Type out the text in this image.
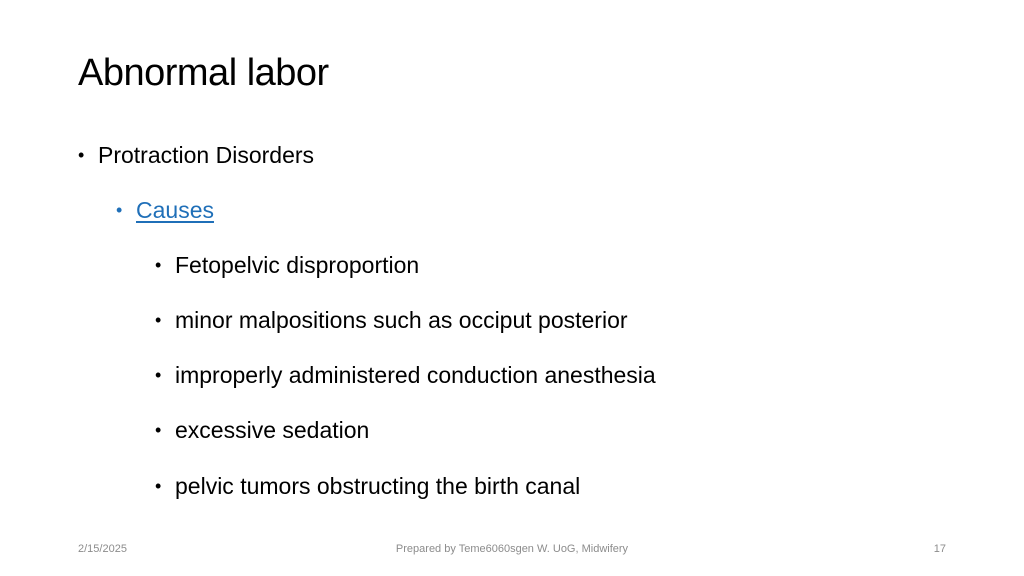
Abnormal labor
• Protraction Disorders
• Causes
• Fetopelvic disproportion
• minor malpositions such as occiput posterior
• improperly administered conduction anesthesia
• excessive sedation
• pelvic tumors obstructing the birth canal
2/15/2025	Prepared by Teme6060sgen W. UoG, Midwifery	17
